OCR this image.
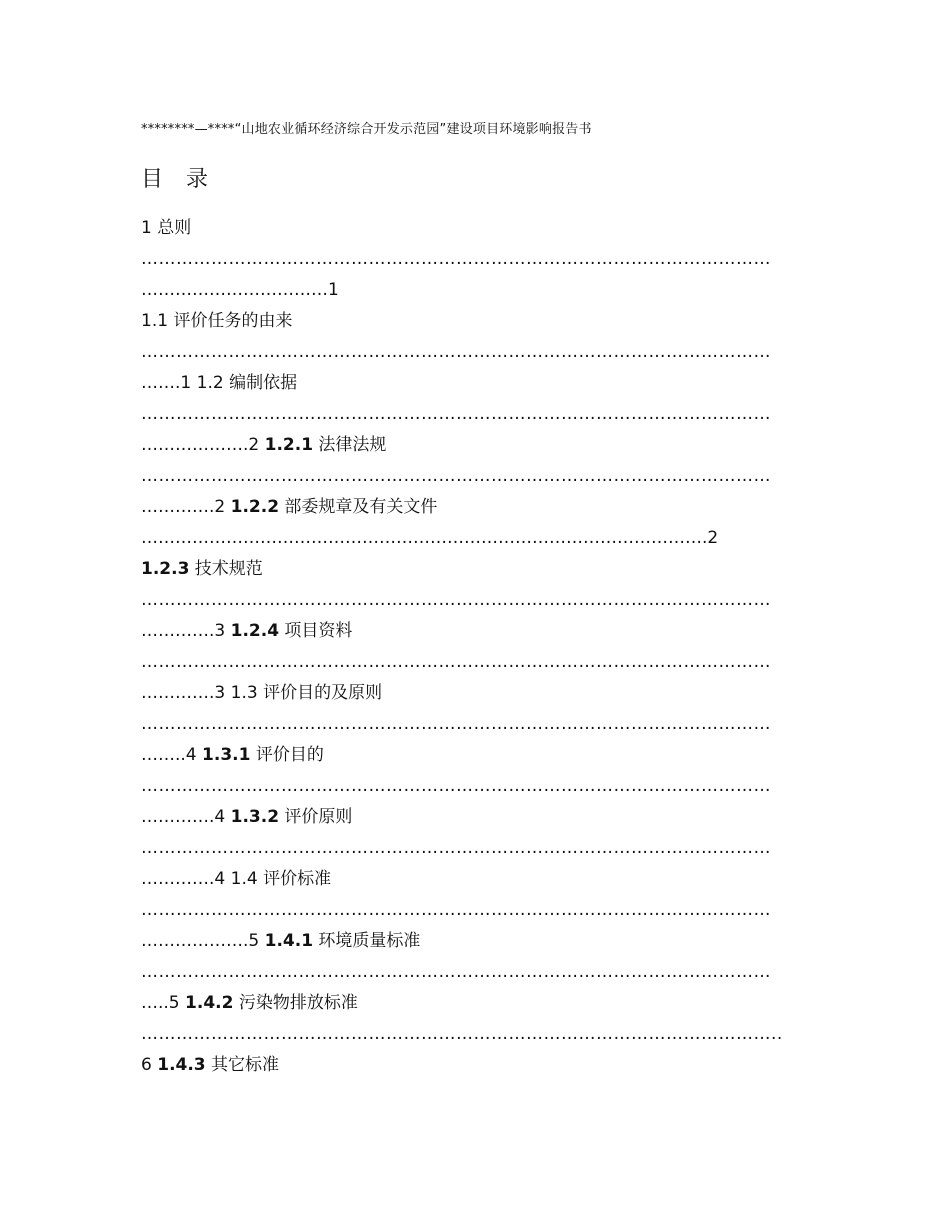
********—****“山地农业循环经济综合开发示范园”建设项目环境影响报告书
目 录
1 总则
………………………………………………………………………………………………
……………………………1
1.1 评价任务的由来
………………………………………………………………………………………………
…….1 1.2 编制依据
………………………………………………………………………………………………
……………….2 1.2.1 法律法规
………………………………………………………………………………………………
………….2 1.2.2 部委规章及有关文件
……………………………………………………………………………………….2
1.2.3 技术规范
………………………………………………………………………………………………
………….3 1.2.4 项目资料
………………………………………………………………………………………………
………….3 1.3 评价目的及原则
………………………………………………………………………………………………
……..4 1.3.1 评价目的
………………………………………………………………………………………………
………….4 1.3.2 评价原则
………………………………………………………………………………………………
………….4 1.4 评价标准
………………………………………………………………………………………………
……………….5 1.4.1 环境质量标准
………………………………………………………………………………………………
…..5 1.4.2 污染物排放标准
………………………………………………………………………………………………..
6 1.4.3 其它标准
